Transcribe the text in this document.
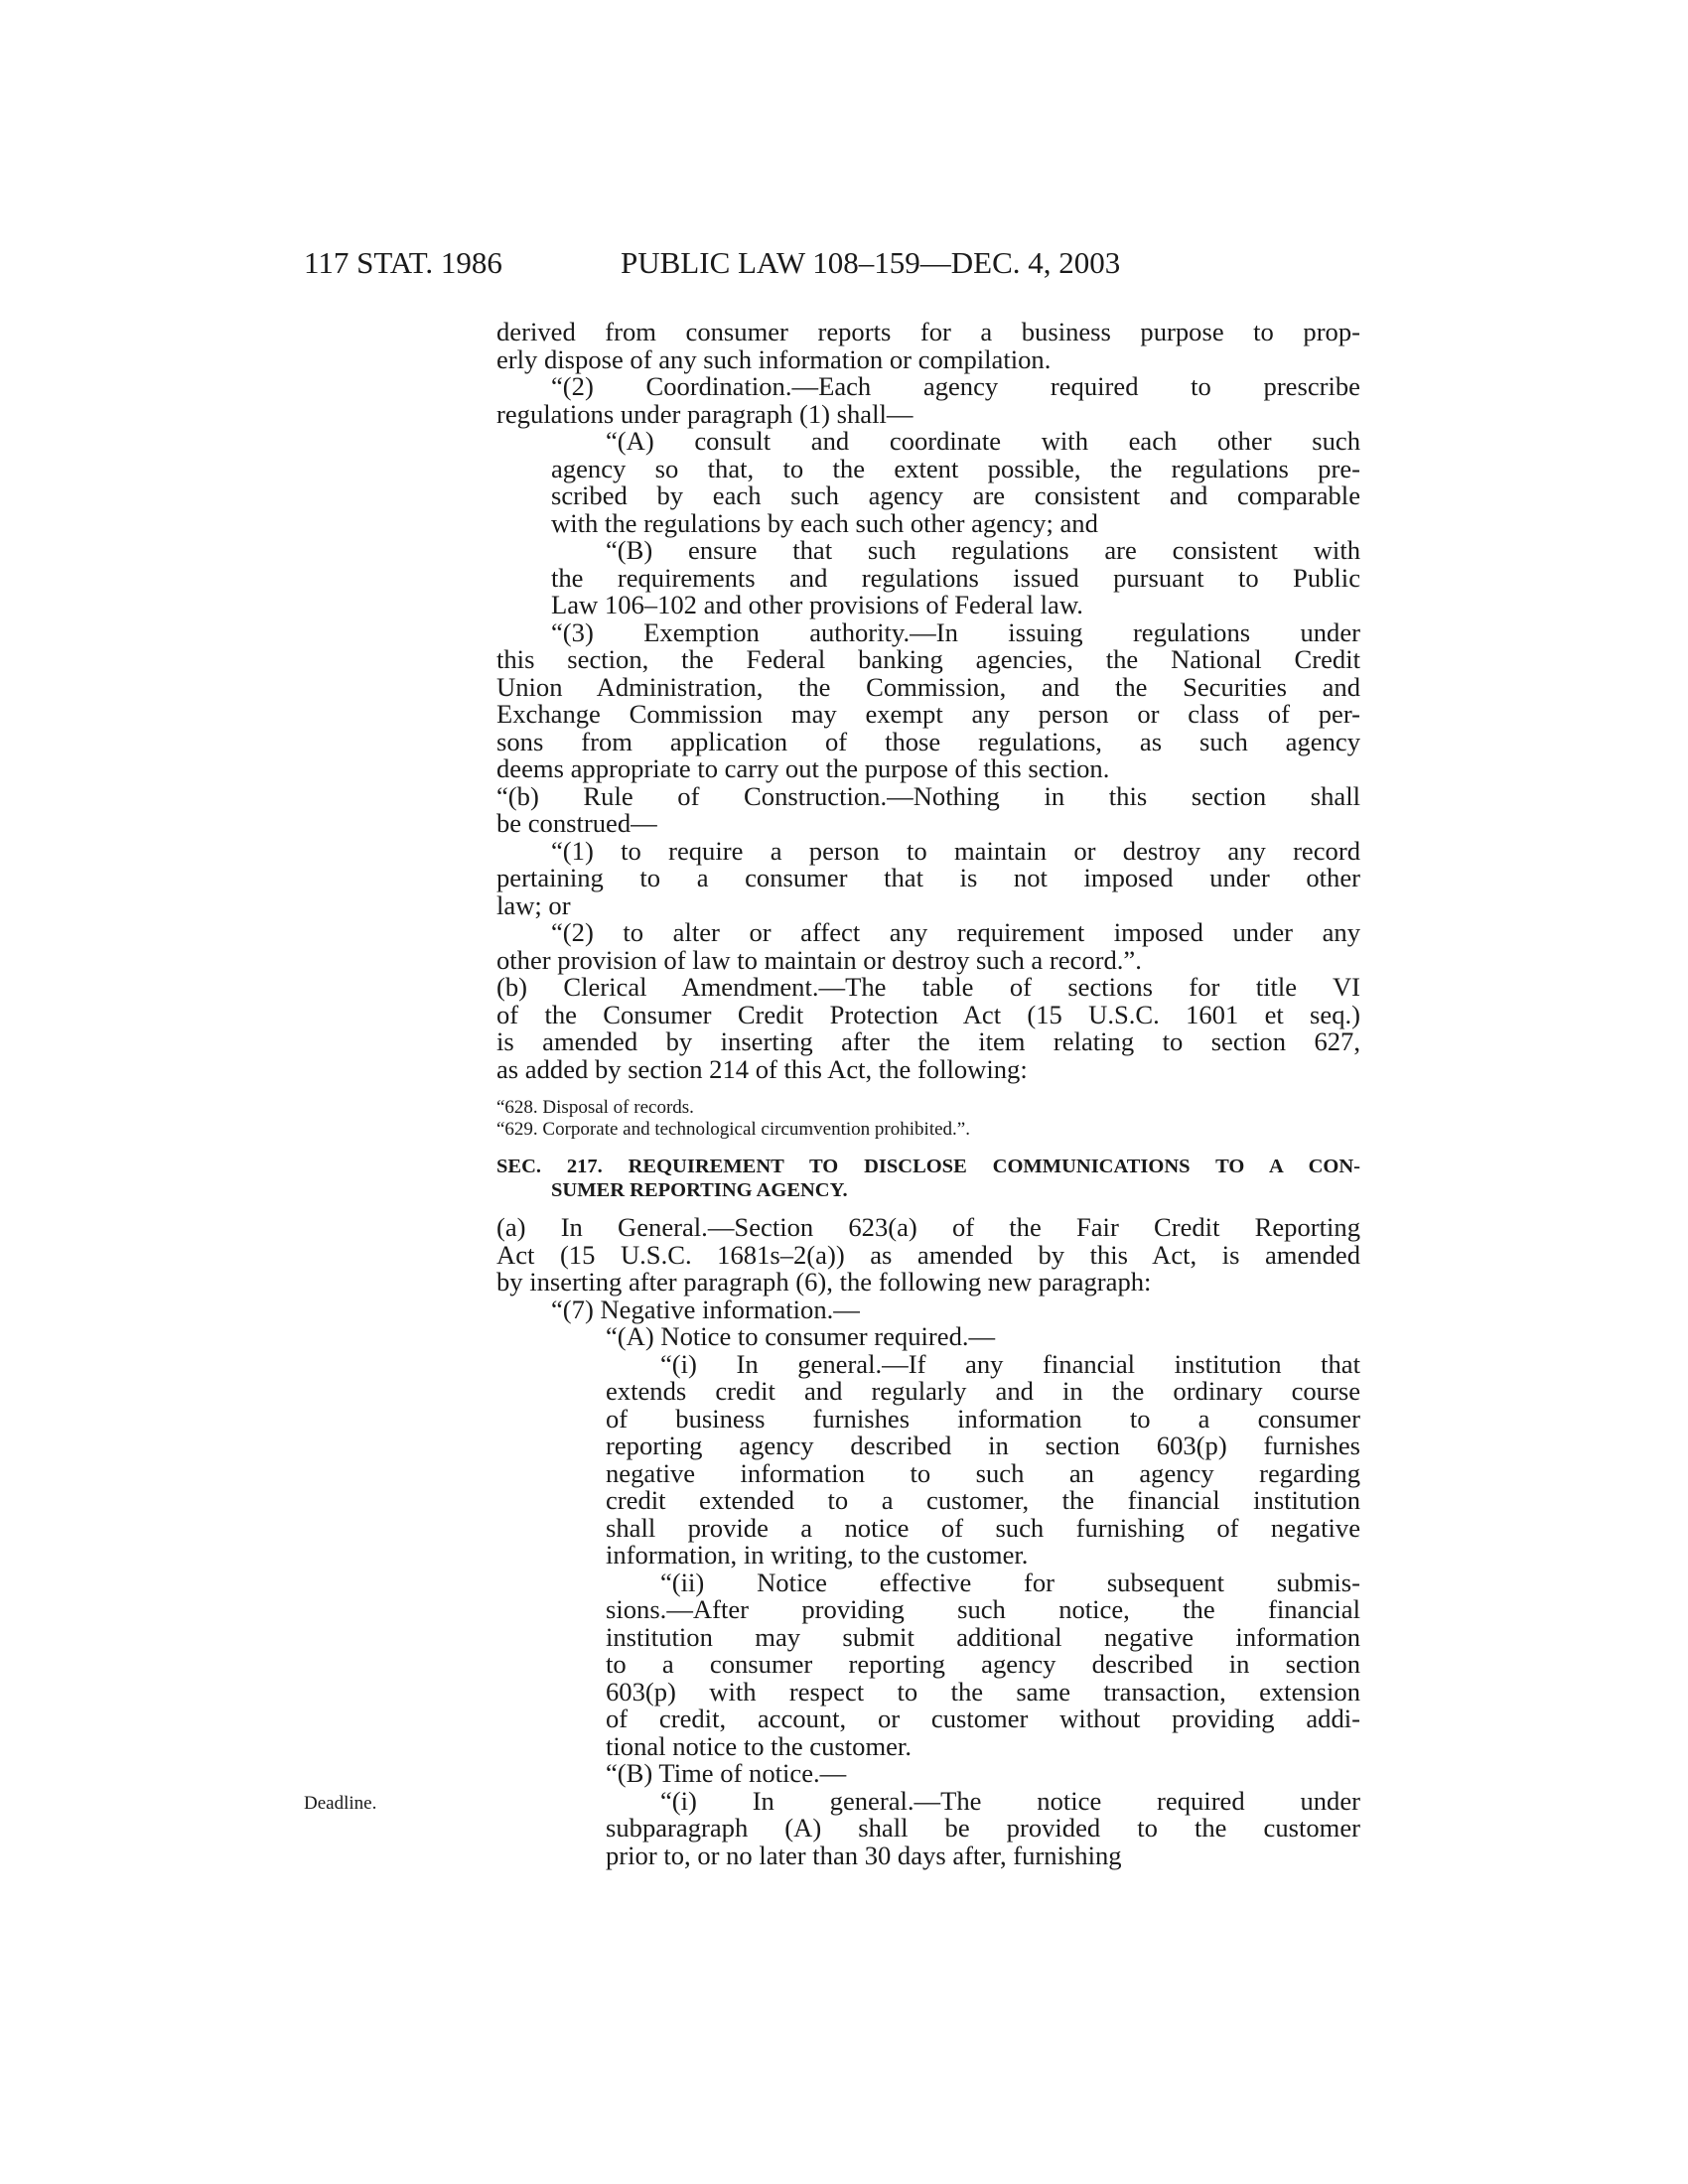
117 STAT. 1986	PUBLIC LAW 108–159—DEC. 4, 2003
derived from consumer reports for a business purpose to prop-
erly dispose of any such information or compilation.
“(2) Coordination.—Each agency required to prescribe
regulations under paragraph (1) shall—
“(A) consult and coordinate with each other such
agency so that, to the extent possible, the regulations pre-
scribed by each such agency are consistent and comparable
with the regulations by each such other agency; and
“(B) ensure that such regulations are consistent with
the requirements and regulations issued pursuant to Public
Law 106–102 and other provisions of Federal law.
“(3) Exemption authority.—In issuing regulations under
this section, the Federal banking agencies, the National Credit
Union Administration, the Commission, and the Securities and
Exchange Commission may exempt any person or class of per-
sons from application of those regulations, as such agency
deems appropriate to carry out the purpose of this section.
“(b) Rule of Construction.—Nothing in this section shall
be construed—
“(1) to require a person to maintain or destroy any record
pertaining to a consumer that is not imposed under other
law; or
“(2) to alter or affect any requirement imposed under any
other provision of law to maintain or destroy such a record.”.
(b) Clerical Amendment.—The table of sections for title VI
of the Consumer Credit Protection Act (15 U.S.C. 1601 et seq.)
is amended by inserting after the item relating to section 627,
as added by section 214 of this Act, the following:
“628. Disposal of records.
“629. Corporate and technological circumvention prohibited.”.
SEC. 217. REQUIREMENT TO DISCLOSE COMMUNICATIONS TO A CON-
SUMER REPORTING AGENCY.
(a) In General.—Section 623(a) of the Fair Credit Reporting
Act (15 U.S.C. 1681s–2(a)) as amended by this Act, is amended
by inserting after paragraph (6), the following new paragraph:
“(7) Negative information.—
“(A) Notice to consumer required.—
“(i) In general.—If any financial institution that
extends credit and regularly and in the ordinary course
of business furnishes information to a consumer
reporting agency described in section 603(p) furnishes
negative information to such an agency regarding
credit extended to a customer, the financial institution
shall provide a notice of such furnishing of negative
information, in writing, to the customer.
“(ii) Notice effective for subsequent submis-
sions.—After providing such notice, the financial
institution may submit additional negative information
to a consumer reporting agency described in section
603(p) with respect to the same transaction, extension
of credit, account, or customer without providing addi-
tional notice to the customer.
“(B) Time of notice.—
“(i) In general.—The notice required under
subparagraph (A) shall be provided to the customer
prior to, or no later than 30 days after, furnishing
Deadline.
